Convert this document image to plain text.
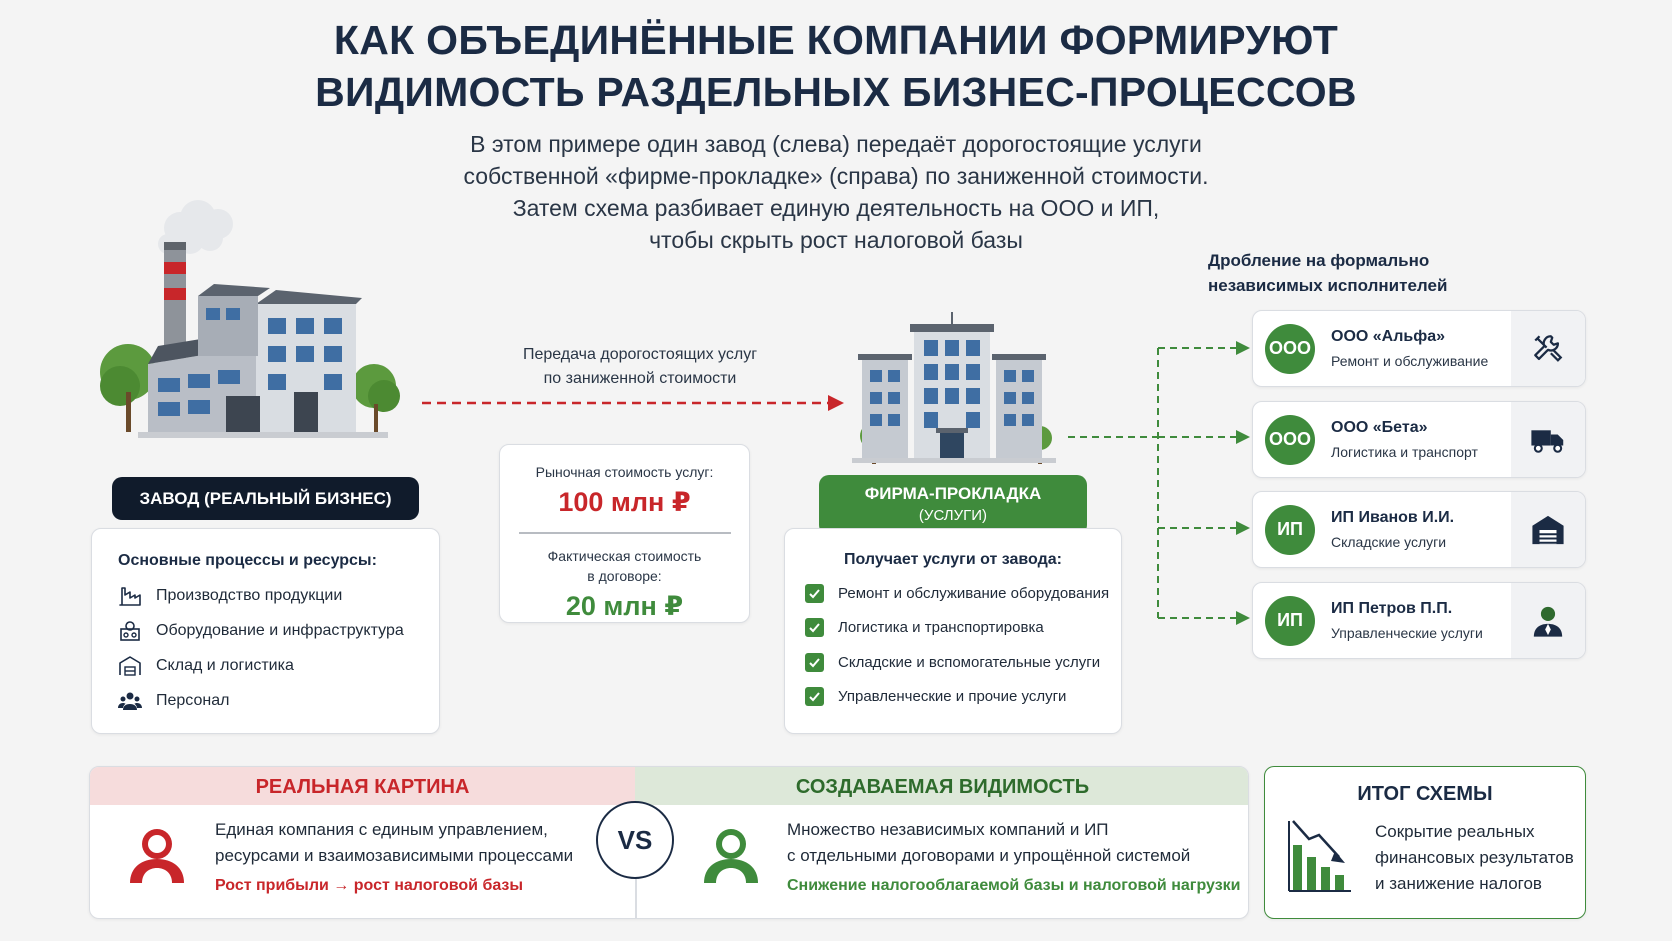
КАК ОБЪЕДИНЁННЫЕ КОМПАНИИ ФОРМИРУЮТ
ВИДИМОСТЬ РАЗДЕЛЬНЫХ БИЗНЕС-ПРОЦЕССОВ
В этом примере один завод (слева) передаёт дорогостоящие услуги
собственной «фирме-прокладке» (справа) по заниженной стоимости.
Затем схема разбивает единую деятельность на ООО и ИП,
чтобы скрыть рост налоговой базы
ЗАВОД (РЕАЛЬНЫЙ БИЗНЕС)
Основные процессы и ресурсы:
Производство продукции
Оборудование и инфраструктура
Склад и логистика
Персонал
Передача дорогостоящих услуг
по заниженной стоимости
Рыночная стоимость услуг:
100 млн ₽
Фактическая стоимость
в договоре:
20 млн ₽
ФИРМА-ПРОКЛАДКА
(УСЛУГИ)
Получает услуги от завода:
Ремонт и обслуживание оборудования
Логистика и транспортировка
Складские и вспомогательные услуги
Управленческие и прочие услуги
Дробление на формально
независимых исполнителей
ООО
ООО «Альфа»
Ремонт и обслуживание
ООО
ООО «Бета»
Логистика и транспорт
ИП
ИП Иванов И.И.
Складские услуги
ИП
ИП Петров П.П.
Управленческие услуги
РЕАЛЬНАЯ КАРТИНА	СОЗДАВАЕМАЯ ВИДИМОСТЬ
Единая компания с единым управлением,
ресурсами и взаимозависимыми процессами
Рост прибыли → рост налоговой базы
Множество независимых компаний и ИП
с отдельными договорами и упрощённой системой
Снижение налогооблагаемой базы и налоговой нагрузки
VS
ИТОГ СХЕМЫ
Сокрытие реальных
финансовых результатов
и занижение налогов
